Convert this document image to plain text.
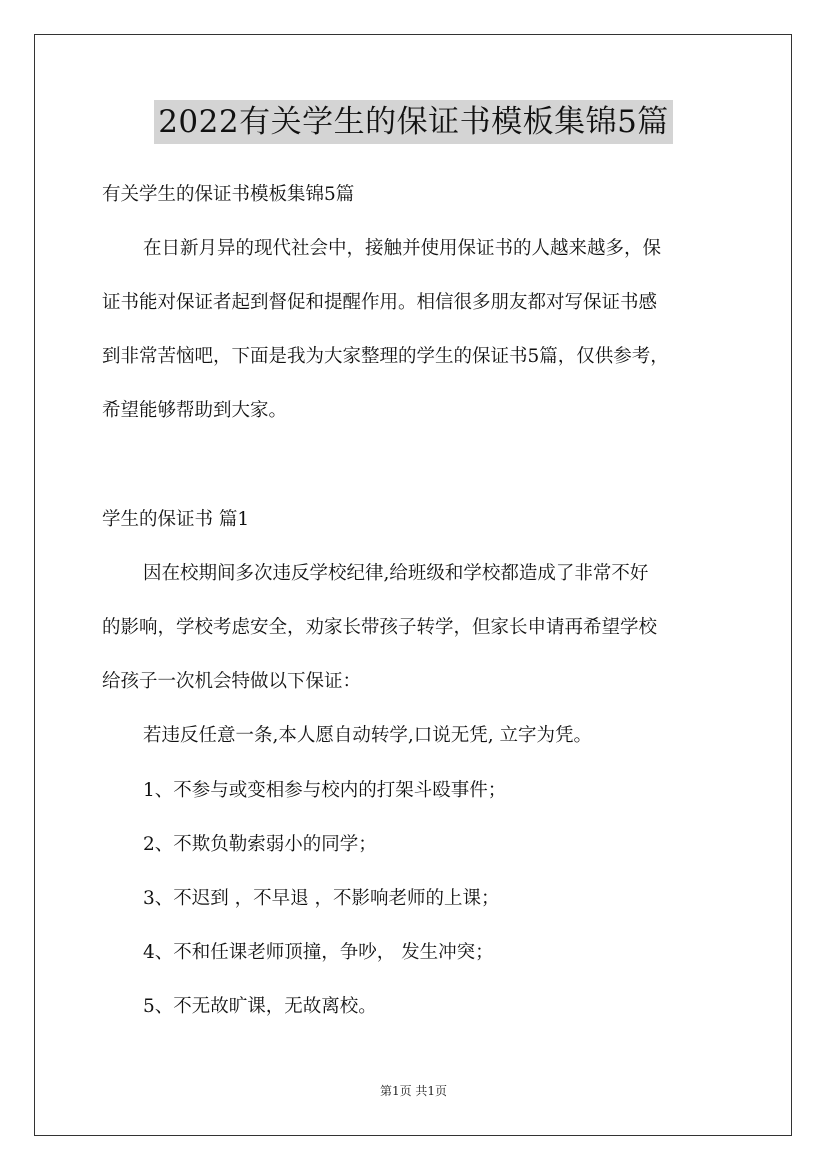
2022有关学生的保证书模板集锦5篇
有关学生的保证书模板集锦5篇
在日新月异的现代社会中，接触并使用保证书的人越来越多，保
证书能对保证者起到督促和提醒作用。相信很多朋友都对写保证书感
到非常苦恼吧，下面是我为大家整理的学生的保证书5篇，仅供参考，
希望能够帮助到大家。
学生的保证书 篇1
因在校期间多次违反学校纪律,给班级和学校都造成了非常不好
的影响，学校考虑安全，劝家长带孩子转学，但家长申请再希望学校
给孩子一次机会特做以下保证：
若违反任意一条,本人愿自动转学,口说无凭, 立字为凭。
1、不参与或变相参与校内的打架斗殴事件；
2、不欺负勒索弱小的同学；
3、不迟到 ，不早退 ，不影响老师的上课；
4、不和任课老师顶撞，争吵， 发生冲突；
5、不无故旷课，无故离校。
第1页 共1页
